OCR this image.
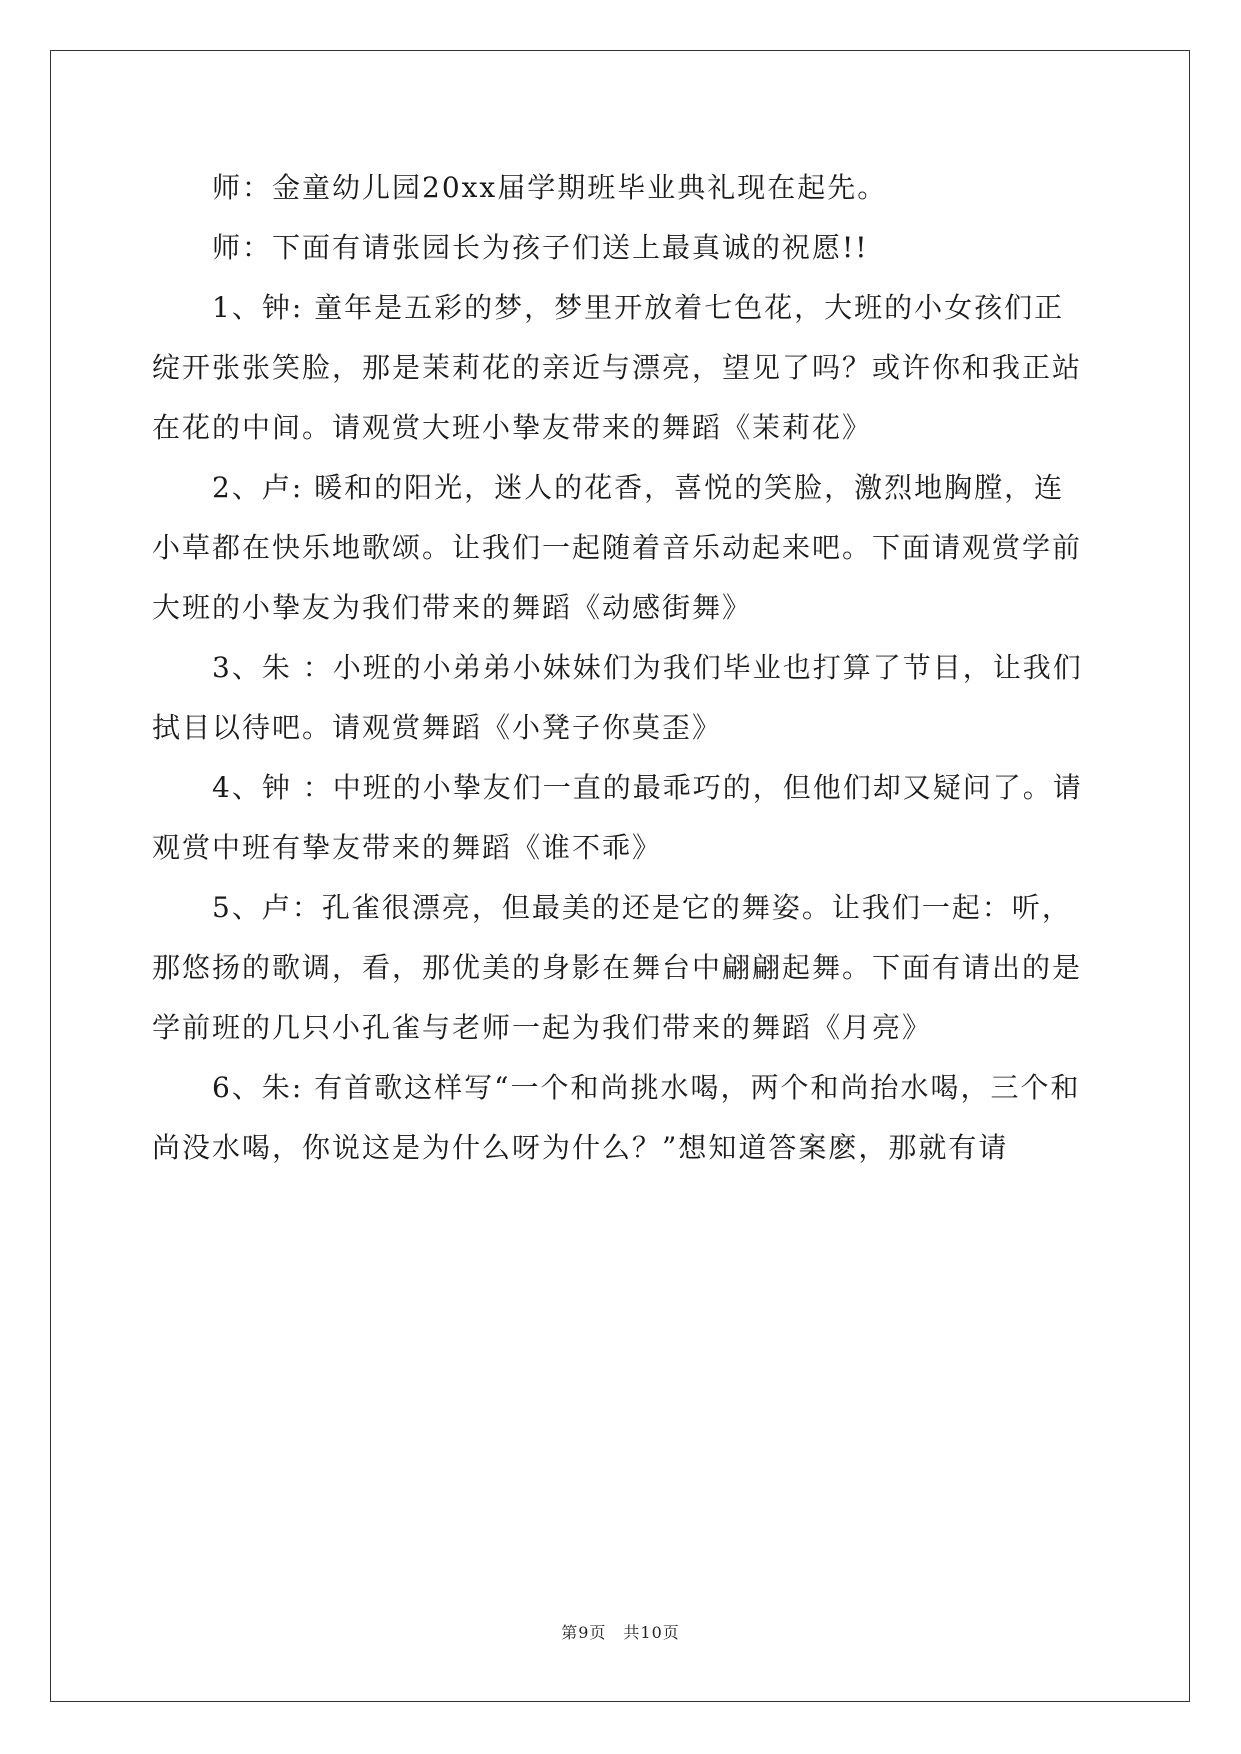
师：金童幼儿园20xx届学期班毕业典礼现在起先。

师：下面有请张园长为孩子们送上最真诚的祝愿!!

1、钟: 童年是五彩的梦，梦里开放着七色花，大班的小女孩们正绽开张张笑脸，那是茉莉花的亲近与漂亮，望见了吗？或许你和我正站在花的中间。请观赏大班小挚友带来的舞蹈《茉莉花》

2、卢: 暖和的阳光，迷人的花香，喜悦的笑脸，激烈地胸膛，连小草都在快乐地歌颂。让我们一起随着音乐动起来吧。下面请观赏学前大班的小挚友为我们带来的舞蹈《动感街舞》

3、朱 ：小班的小弟弟小妹妹们为我们毕业也打算了节目，让我们拭目以待吧。请观赏舞蹈《小凳子你莫歪》

4、钟 ：中班的小挚友们一直的最乖巧的，但他们却又疑问了。请观赏中班有挚友带来的舞蹈《谁不乖》

5、卢：孔雀很漂亮，但最美的还是它的舞姿。让我们一起：听，那悠扬的歌调，看，那优美的身影在舞台中翩翩起舞。下面有请出的是学前班的几只小孔雀与老师一起为我们带来的舞蹈《月亮》

6、朱: 有首歌这样写“一个和尚挑水喝，两个和尚抬水喝，三个和尚没水喝，你说这是为什么呀为什么？”想知道答案麽，那就有请

第9页　共10页
